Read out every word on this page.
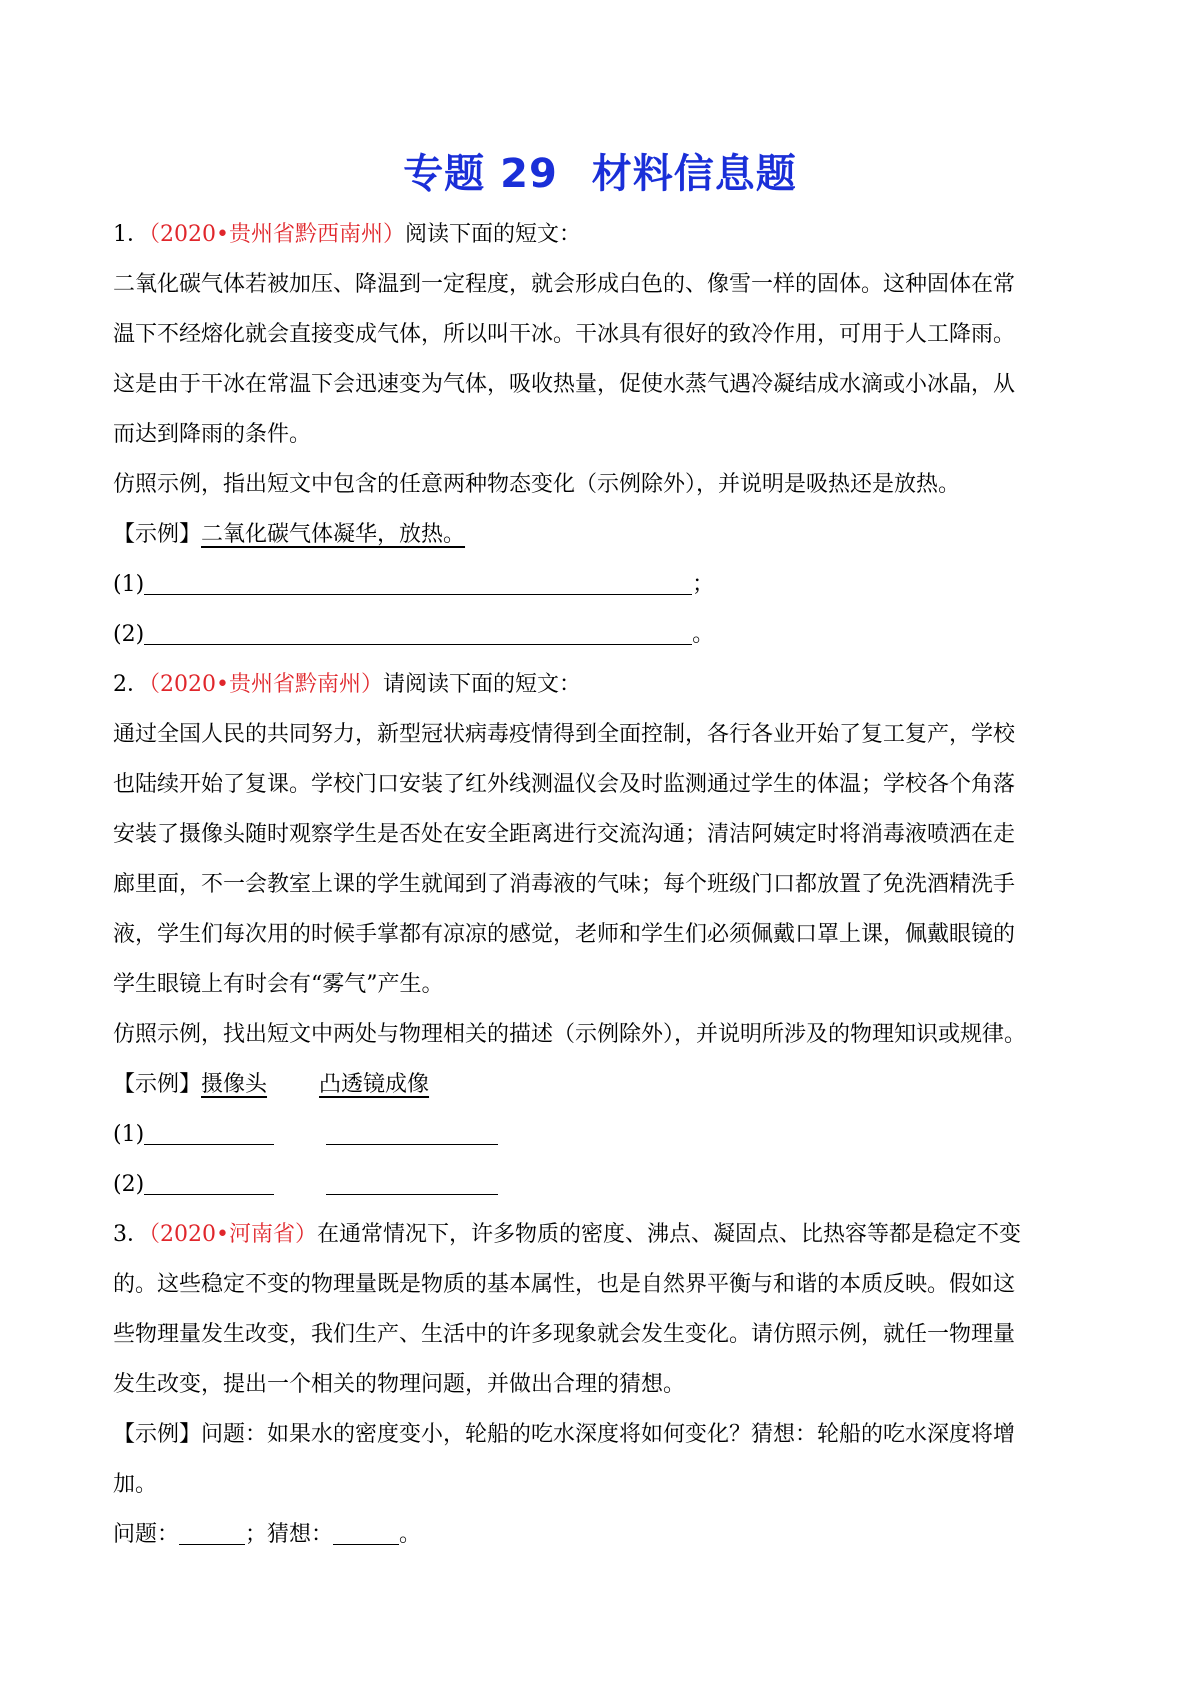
专题 29 材料信息题

1．（2020•贵州省黔西南州）阅读下面的短文：

二氧化碳气体若被加压、降温到一定程度，就会形成白色的、像雪一样的固体。这种固体在常

温下不经熔化就会直接变成气体，所以叫干冰。干冰具有很好的致冷作用，可用于人工降雨。

这是由于干冰在常温下会迅速变为气体，吸收热量，促使水蒸气遇冷凝结成水滴或小冰晶，从

而达到降雨的条件。

仿照示例，指出短文中包含的任意两种物态变化（示例除外），并说明是吸热还是放热。

【示例】二氧化碳气体凝华，放热。

(1)	；

(2)	。

2．（2020•贵州省黔南州）请阅读下面的短文：

通过全国人民的共同努力，新型冠状病毒疫情得到全面控制，各行各业开始了复工复产，学校

也陆续开始了复课。学校门口安装了红外线测温仪会及时监测通过学生的体温；学校各个角落

安装了摄像头随时观察学生是否处在安全距离进行交流沟通；清洁阿姨定时将消毒液喷洒在走

廊里面，不一会教室上课的学生就闻到了消毒液的气味；每个班级门口都放置了免洗酒精洗手

液，学生们每次用的时候手掌都有凉凉的感觉，老师和学生们必须佩戴口罩上课，佩戴眼镜的

学生眼镜上有时会有“雾气”产生。

仿照示例，找出短文中两处与物理相关的描述（示例除外），并说明所涉及的物理知识或规律。

【示例】摄像头 凸透镜成像

(1)

(2)

3．（2020•河南省）在通常情况下，许多物质的密度、沸点、凝固点、比热容等都是稳定不变

的。这些稳定不变的物理量既是物质的基本属性，也是自然界平衡与和谐的本质反映。假如这

些物理量发生改变，我们生产、生活中的许多现象就会发生变化。请仿照示例，就任一物理量

发生改变，提出一个相关的物理问题，并做出合理的猜想。

【示例】问题：如果水的密度变小，轮船的吃水深度将如何变化？猜想：轮船的吃水深度将增

加。

问题：	；猜想：	。
